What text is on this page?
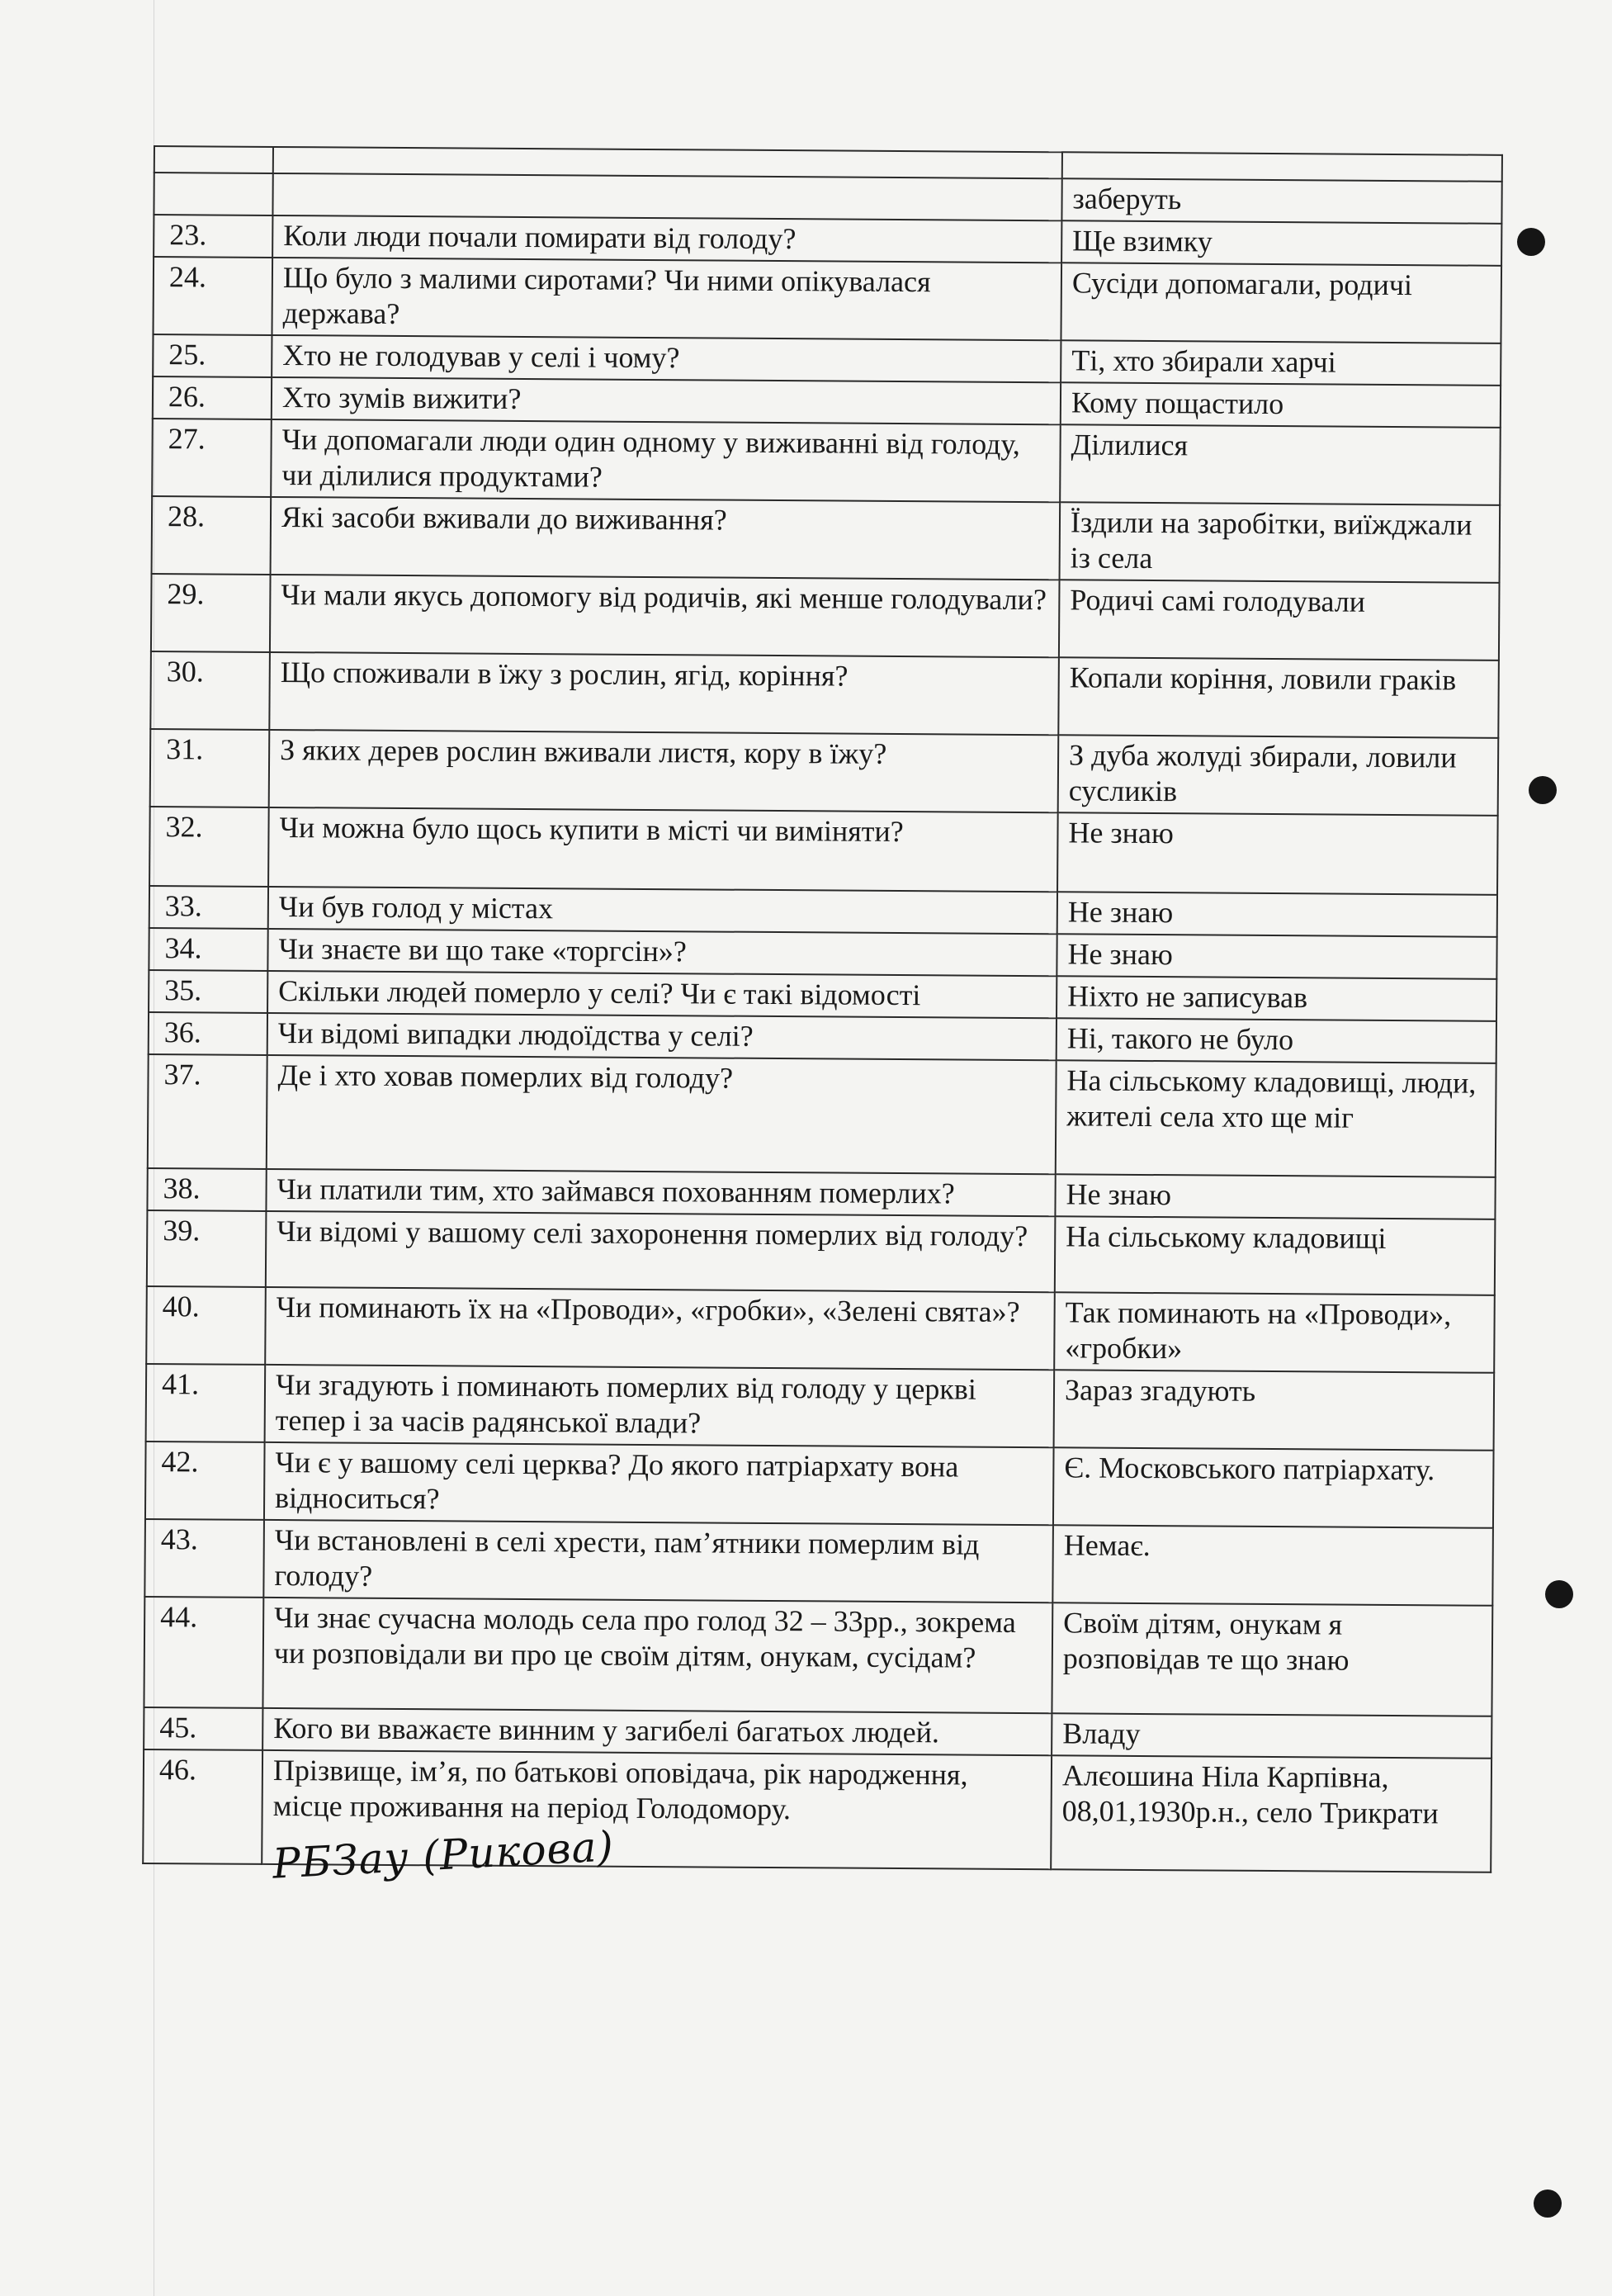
		заберуть
23.	Коли люди почали помирати від голоду?	Ще взимку
24.	Що було з малими сиротами? Чи ними опікувалася держава?	Сусіди допомагали, родичі
25.	Хто не голодував у селі і чому?	Ті, хто збирали харчі
26.	Хто зумів вижити?	Кому пощастило
27.	Чи допомагали люди один одному у виживанні від голоду, чи ділилися продуктами?	Ділилися
28.	Які засоби вживали до виживання?	Їздили на заробітки, виїжджали із села
29.	Чи мали якусь допомогу від родичів, які менше голодували?	Родичі самі голодували
30.	Що споживали в їжу з рослин, ягід, коріння?	Копали коріння, ловили граків
31.	З яких дерев рослин вживали листя, кору в їжу?	З дуба жолуді збирали, ловили сусликів
32.	Чи можна було щось купити в місті чи виміняти?	Не знаю
33.	Чи був голод у містах	Не знаю
34.	Чи знаєте ви що таке «торгсін»?	Не знаю
35.	Скільки людей померло у селі? Чи є такі відомості	Ніхто не записував
36.	Чи відомі випадки людоїдства у селі?	Ні, такого не було
37.	Де і хто ховав померлих від голоду?	На сільському кладовищі, люди, жителі села хто ще міг
38.	Чи платили тим, хто займався похованням померлих?	Не знаю
39.	Чи відомі у вашому селі захоронення померлих від голоду?	На сільському кладовищі
40.	Чи поминають їх на «Проводи», «гробки», «Зелені свята»?	Так поминають на «Проводи», «гробки»
41.	Чи згадують і поминають померлих від голоду у церкві тепер і за часів радянської влади?	Зараз згадують
42.	Чи є у вашому селі церква? До якого патріархату вона відноситься?	Є. Московського патріархату.
43.	Чи встановлені в селі хрести, пам’ятники померлим від голоду?	Немає.
44.	Чи знає сучасна молодь села про голод 32 – 33рр., зокрема чи розповідали ви про це своїм дітям, онукам, сусідам?	Своїм дітям, онукам я розповідав те що знаю
45.	Кого ви вважаєте винним у загибелі багатьох людей.	Владу
46.	Прізвище, ім’я, по батькові оповідача, рік народження, місце проживання на період Голодомору.	Алєошина Ніла Карпівна, 08,01,1930р.н., село Трикрати
РБЗау (Рикова)
